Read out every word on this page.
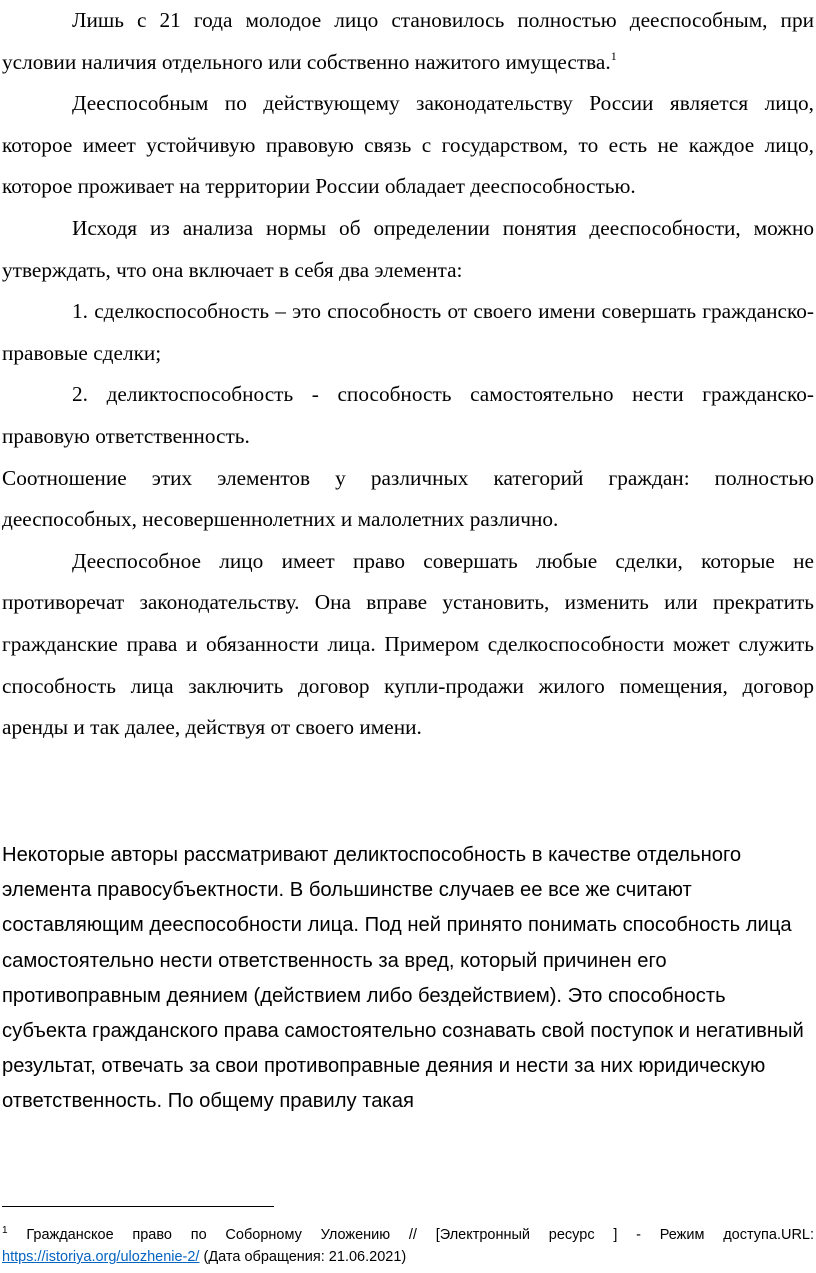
Лишь с 21 года молодое лицо становилось полностью дееспособным, при условии наличия отдельного или собственно нажитого имущества.$^1$

Дееспособным по действующему законодательству России является лицо, которое имеет устойчивую правовую связь с государством, то есть не каждое лицо, которое проживает на территории России обладает дееспособностью.

Исходя из анализа нормы об определении понятия дееспособности, можно утверждать, что она включает в себя два элемента:

1. сделкоспособность – это способность от своего имени совершать гражданско-правовые сделки;

2. деликтоспособность - способность самостоятельно нести гражданско-правовую ответственность.

Соотношение этих элементов у различных категорий граждан: полностью дееспособных, несовершеннолетних и малолетних различно.

Дееспособное лицо имеет право совершать любые сделки, которые не противоречат законодательству. Она вправе установить, изменить или прекратить гражданские права и обязанности лица. Примером сделкоспособности может служить способность лица заключить договор купли-продажи жилого помещения, договор аренды и так далее, действуя от своего имени.

Некоторые авторы рассматривают деликтоспособность в качестве отдельного элемента правосубъектности. В большинстве случаев ее все же считают составляющим дееспособности лица. Под ней принято понимать способность лица самостоятельно нести ответственность за вред, который причинен его противоправным деянием (действием либо бездействием). Это способность субъекта гражданского права самостоятельно сознавать свой поступок и негативный результат, отвечать за свои противоправные деяния и нести за них юридическую ответственность. По общему правилу такая

$^1$ Гражданское право по Соборному Уложению // [Электронный ресурс ] - Режим доступа.URL:

https://istoriya.org/ulozhenie-2/ (Дата обращения: 21.06.2021)
